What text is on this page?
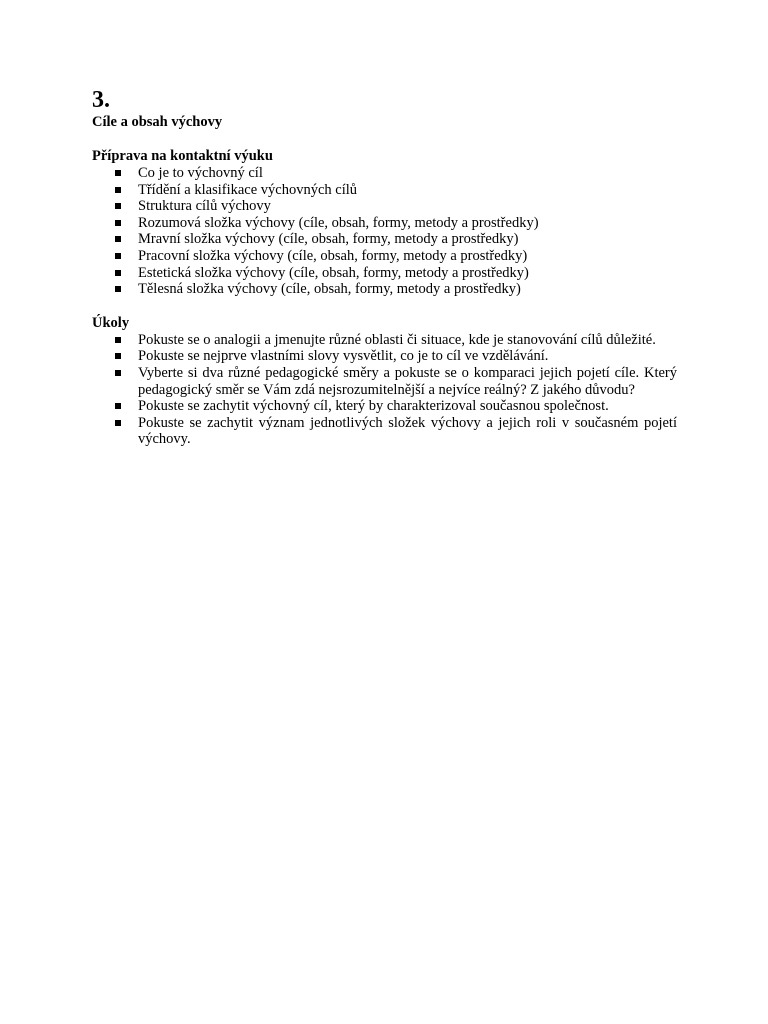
3.
Cíle a obsah výchovy
Příprava na kontaktní výuku
Co je to výchovný cíl
Třídění a klasifikace výchovných cílů
Struktura cílů výchovy
Rozumová složka výchovy (cíle, obsah, formy, metody a prostředky)
Mravní složka výchovy (cíle, obsah, formy, metody a prostředky)
Pracovní složka výchovy (cíle, obsah, formy, metody a prostředky)
Estetická složka výchovy (cíle, obsah, formy, metody a prostředky)
Tělesná složka výchovy (cíle, obsah, formy, metody a prostředky)
Úkoly
Pokuste se o analogii a jmenujte různé oblasti či situace, kde je stanovování cílů důležité.
Pokuste se nejprve vlastními slovy vysvětlit, co je to cíl ve vzdělávání.
Vyberte si dva různé pedagogické směry a pokuste se o komparaci jejich pojetí cíle. Který pedagogický směr se Vám zdá nejsrozumitelnější a nejvíce reálný? Z jakého důvodu?
Pokuste se zachytit výchovný cíl, který by charakterizoval současnou společnost.
Pokuste se zachytit význam jednotlivých složek výchovy a jejich roli v současném pojetí výchovy.
